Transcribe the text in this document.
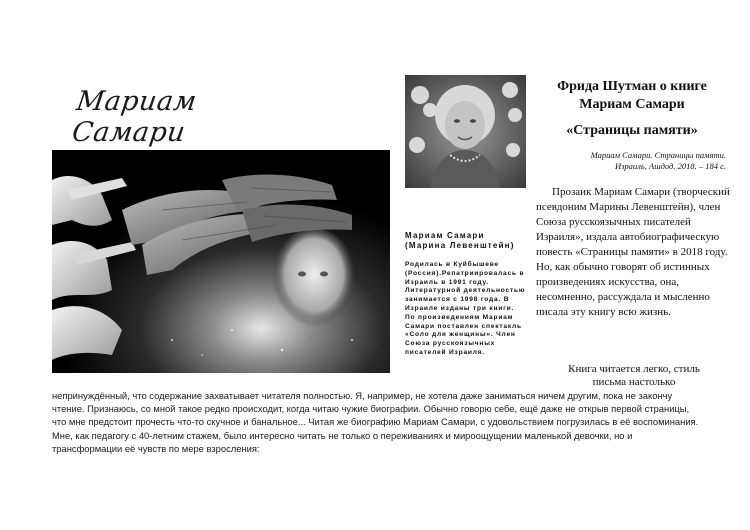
Мариам Самари

Мариам Самари
(Марина Левенштейн)

Родилась в Куйбышеве (Россия).Репатриировалась в Израиль в 1991 году. Литературной деятельностью занимается с 1998 года. В Израиле изданы три книги. По произведениям Мариам Самари поставлен спектакль «Соло для женщины». Член Союза русскоязычных писателей Израиля.

Фрида Шутман о книге
Мариам Самари
«Страницы памяти»
Мариам Самари. Страницы памяти.
Израиль, Ашдод. 2018. – 184 с.

Прозаик Мариам Самари (творческий псевдоним Марины Левенштейн), член Союза русскоязычных писателей Израиля», издала автобиографическую повесть «Страницы памяти» в 2018 году. Но, как обычно говорят об истинных произведениях искусства, она, несомненно, рассуждала и мысленно писала эту книгу всю жизнь.

Книга читается легко, стиль
письма настолько
непринуждённый, что содержание захватывает читателя полностью. Я, например, не хотела даже заниматься ничем другим, пока не закончу чтение. Признаюсь, со мной такое редко происходит, когда читаю чужие биографии. Обычно говорю себе, ещё даже не открыв первой страницы, что мне предстоит прочесть что-то скучное и банальное... Читая же биографию Мариам Самари, с удовольствием погрузилась в её воспоминания. Мне, как педагогу с 40-летним стажем, было интересно читать не только о переживаниях и мироощущении маленькой девочки, но и трансформации её чувств по мере взросления:
